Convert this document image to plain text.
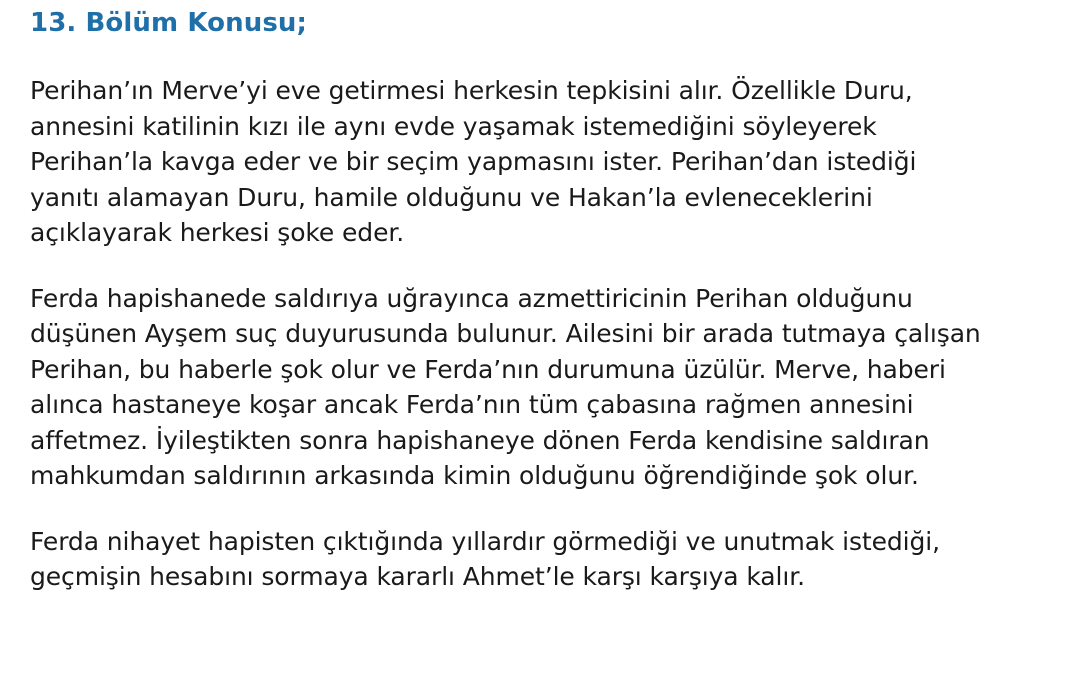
13. Bölüm Konusu;

Perihan’ın Merve’yi eve getirmesi herkesin tepkisini alır. Özellikle Duru, annesini katilinin kızı ile aynı evde yaşamak istemediğini söyleyerek Perihan’la kavga eder ve bir seçim yapmasını ister. Perihan’dan istediği yanıtı alamayan Duru, hamile olduğunu ve Hakan’la evleneceklerini açıklayarak herkesi şoke eder.

Ferda hapishanede saldırıya uğrayınca azmettiricinin Perihan olduğunu düşünen Ayşem suç duyurusunda bulunur. Ailesini bir arada tutmaya çalışan Perihan, bu haberle şok olur ve Ferda’nın durumuna üzülür. Merve, haberi alınca hastaneye koşar ancak Ferda’nın tüm çabasına rağmen annesini affetmez. İyileştikten sonra hapishaneye dönen Ferda kendisine saldıran mahkumdan saldırının arkasında kimin olduğunu öğrendiğinde şok olur.

Ferda nihayet hapisten çıktığında yıllardır görmediği ve unutmak istediği, geçmişin hesabını sormaya kararlı Ahmet’le karşı karşıya kalır.
